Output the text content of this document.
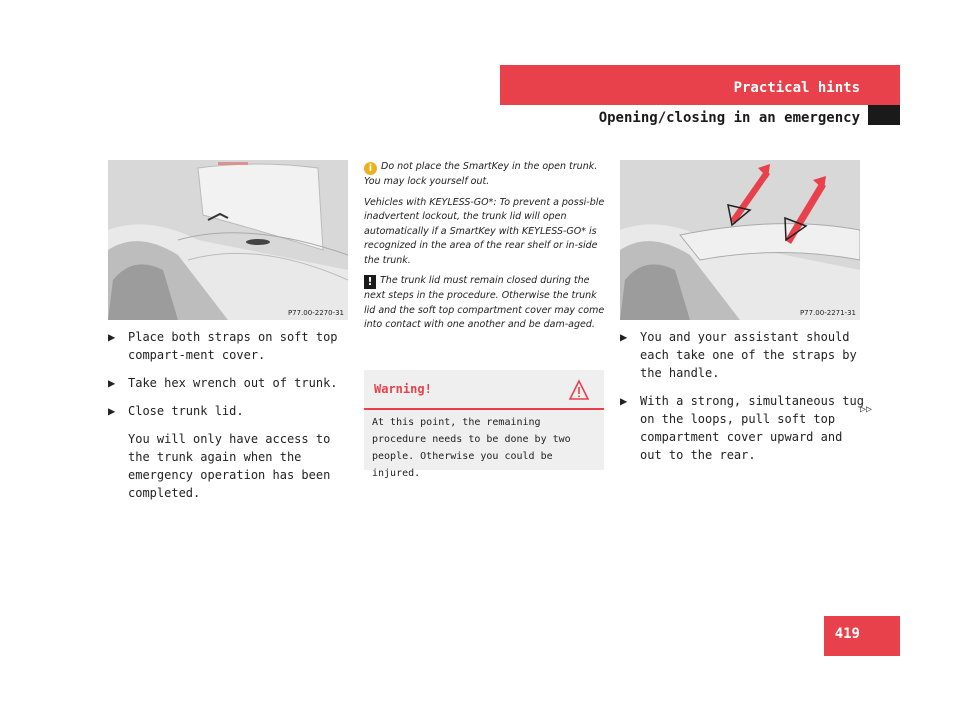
Practical hints
Opening/closing in an emergency
P77.00-2270-31	P77.00-2271-31
▶ Place both straps on soft top compart-ment cover.
▶ Take hex wrench out of trunk.
▶ Close trunk lid.
You will only have access to the trunk again when the emergency operation has been completed.

i Do not place the SmartKey in the open trunk. You may lock yourself out.

Vehicles with KEYLESS-GO*: To prevent a possi-ble inadvertent lockout, the trunk lid will open automatically if a SmartKey with KEYLESS-GO* is recognized in the area of the rear shelf or in-side the trunk.

! The trunk lid must remain closed during the next steps in the procedure. Otherwise the trunk lid and the soft top compartment cover may come into contact with one another and be dam-aged.

Warning!
At this point, the remaining procedure needs to be done by two people. Otherwise you could be injured.
▶ You and your assistant should each take one of the straps by the handle.
▶ With a strong, simultaneous tug on the loops, pull soft top compartment cover upward and out to the rear.
▷▷
419
